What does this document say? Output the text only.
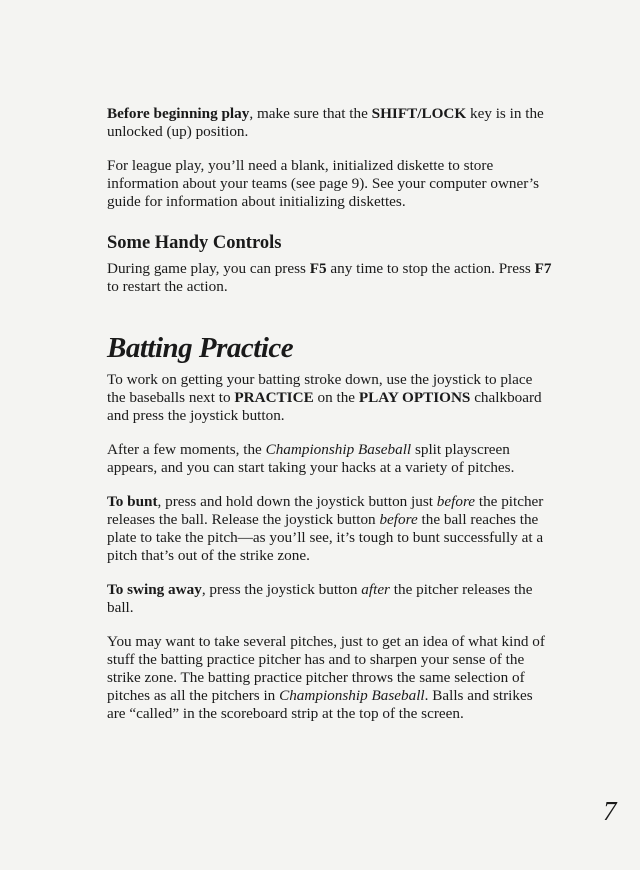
Before beginning play, make sure that the SHIFT/LOCK key is in the unlocked (up) position.

For league play, you’ll need a blank, initialized diskette to store information about your teams (see page 9). See your computer owner’s guide for information about initializing diskettes.

Some Handy Controls

During game play, you can press F5 any time to stop the action. Press F7 to restart the action.

Batting Practice

To work on getting your batting stroke down, use the joystick to place the baseballs next to PRACTICE on the PLAY OPTIONS chalkboard and press the joystick button.

After a few moments, the Championship Baseball split playscreen appears, and you can start taking your hacks at a variety of pitches.

To bunt, press and hold down the joystick button just before the pitcher releases the ball. Release the joystick button before the ball reaches the plate to take the pitch—as you’ll see, it’s tough to bunt successfully at a pitch that’s out of the strike zone.

To swing away, press the joystick button after the pitcher releases the ball.

You may want to take several pitches, just to get an idea of what kind of stuff the batting practice pitcher has and to sharpen your sense of the strike zone. The batting practice pitcher throws the same selection of pitches as all the pitchers in Championship Baseball. Balls and strikes are “called” in the scoreboard strip at the top of the screen.

7
